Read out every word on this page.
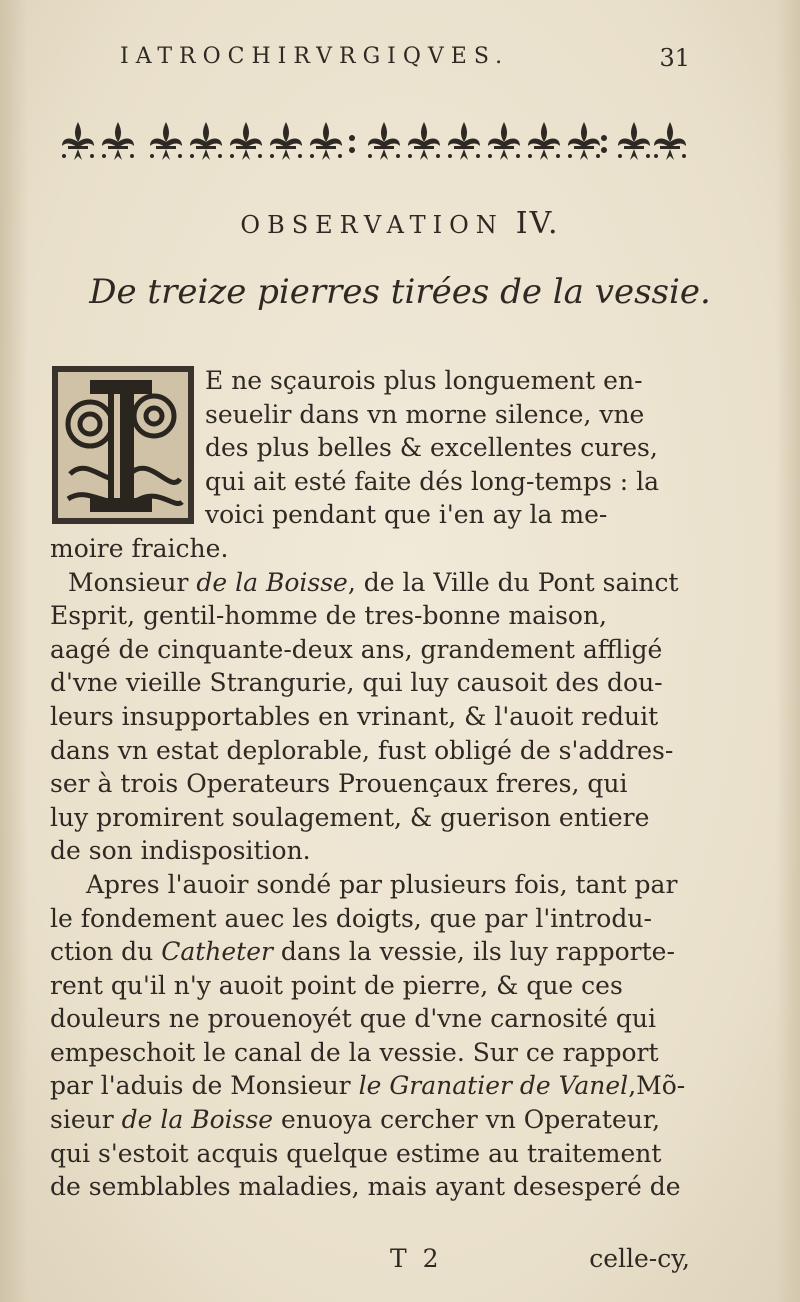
IATROCHIRVRGIQVES.	31
OBSERVATION IV.
De treize pierres tirées de la vessie.
E ne sçaurois plus longuement en-
seuelir dans vn morne silence, vne
des plus belles & excellentes cures,
qui ait esté faite dés long-temps : la
voici pendant que i'en ay la me-
moire fraiche.
Monsieur de la Boisse , de la Ville du Pont sainct
Esprit, gentil-homme de tres-bonne maison,
aagé de cinquante-deux ans, grandement affligé
d'vne vieille Strangurie, qui luy causoit des dou-
leurs insupportables en vrinant, & l'auoit reduit
dans vn estat deplorable, fust obligé de s'addres-
ser à trois Operateurs Prouençaux freres, qui
luy promirent soulagement, & guerison entiere
de son indisposition.
Apres l'auoir sondé par plusieurs fois, tant par
le fondement auec les doigts, que par l'introdu-
ction du Catheter dans la vessie, ils luy rapporte-
rent qu'il n'y auoit point de pierre, & que ces
douleurs ne prouenoyét que d'vne carnosité qui
empeschoit le canal de la vessie. Sur ce rapport
par l'aduis de Monsieur le Granatier de Vanel ,Mõ-
sieur de la Boisse enuoya cercher vn Operateur,
qui s'estoit acquis quelque estime au traitement
de semblables maladies, mais ayant desesperé de
T  2	celle-cy,
